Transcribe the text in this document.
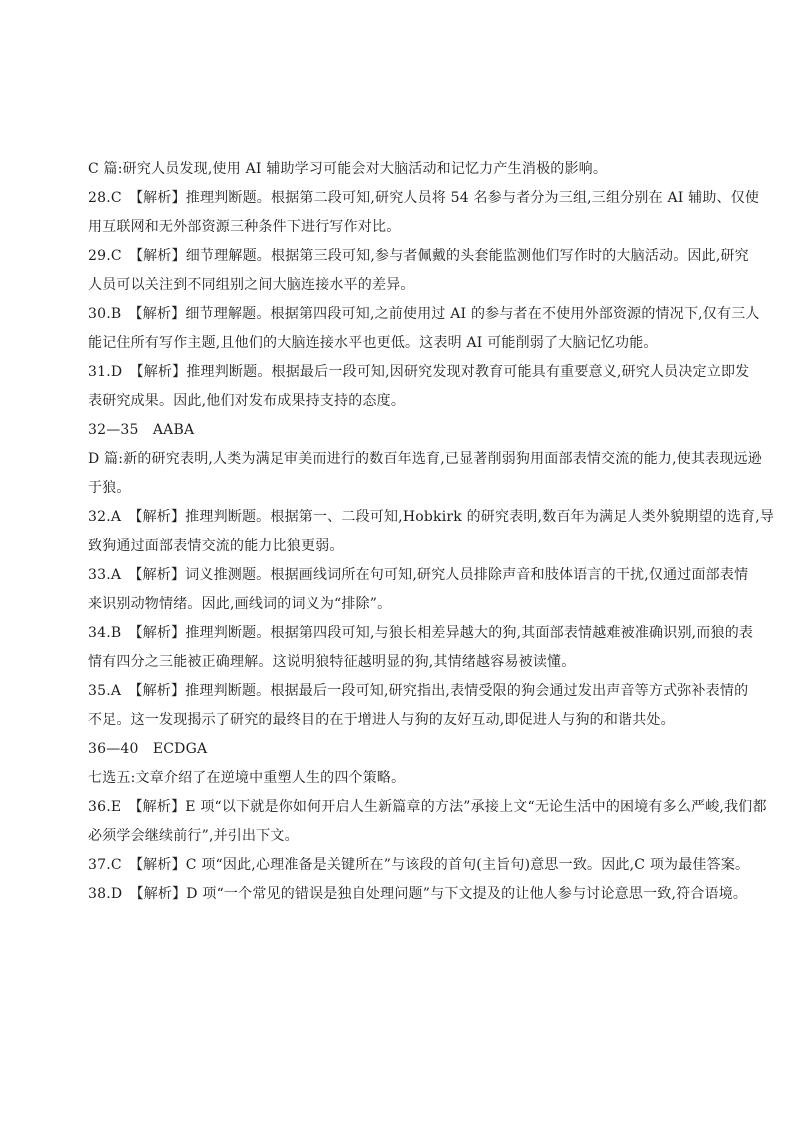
C 篇:研究人员发现,使用 AI 辅助学习可能会对大脑活动和记忆力产生消极的影响。
28.C　【解析】推理判断题。根据第二段可知,研究人员将 54 名参与者分为三组,三组分别在 AI 辅助、仅使
用互联网和无外部资源三种条件下进行写作对比。
29.C　【解析】细节理解题。根据第三段可知,参与者佩戴的头套能监测他们写作时的大脑活动。因此,研究
人员可以关注到不同组别之间大脑连接水平的差异。
30.B　【解析】细节理解题。根据第四段可知,之前使用过 AI 的参与者在不使用外部资源的情况下,仅有三人
能记住所有写作主题,且他们的大脑连接水平也更低。这表明 AI 可能削弱了大脑记忆功能。
31.D　【解析】推理判断题。根据最后一段可知,因研究发现对教育可能具有重要意义,研究人员决定立即发
表研究成果。因此,他们对发布成果持支持的态度。
32—35　AABA
D 篇:新的研究表明,人类为满足审美而进行的数百年选育,已显著削弱狗用面部表情交流的能力,使其表现远逊
于狼。
32.A　【解析】推理判断题。根据第一、二段可知,Hobkirk 的研究表明,数百年为满足人类外貌期望的选育,导
致狗通过面部表情交流的能力比狼更弱。
33.A　【解析】词义推测题。根据画线词所在句可知,研究人员排除声音和肢体语言的干扰,仅通过面部表情
来识别动物情绪。因此,画线词的词义为“排除”。
34.B　【解析】推理判断题。根据第四段可知,与狼长相差异越大的狗,其面部表情越难被准确识别,而狼的表
情有四分之三能被正确理解。这说明狼特征越明显的狗,其情绪越容易被读懂。
35.A　【解析】推理判断题。根据最后一段可知,研究指出,表情受限的狗会通过发出声音等方式弥补表情的
不足。这一发现揭示了研究的最终目的在于增进人与狗的友好互动,即促进人与狗的和谐共处。
36—40　ECDGA
七选五:文章介绍了在逆境中重塑人生的四个策略。
36.E　【解析】E 项“以下就是你如何开启人生新篇章的方法”承接上文“无论生活中的困境有多么严峻,我们都
必须学会继续前行”,并引出下文。
37.C　【解析】C 项“因此,心理准备是关键所在”与该段的首句(主旨句)意思一致。因此,C 项为最佳答案。
38.D　【解析】D 项“一个常见的错误是独自处理问题”与下文提及的让他人参与讨论意思一致,符合语境。
